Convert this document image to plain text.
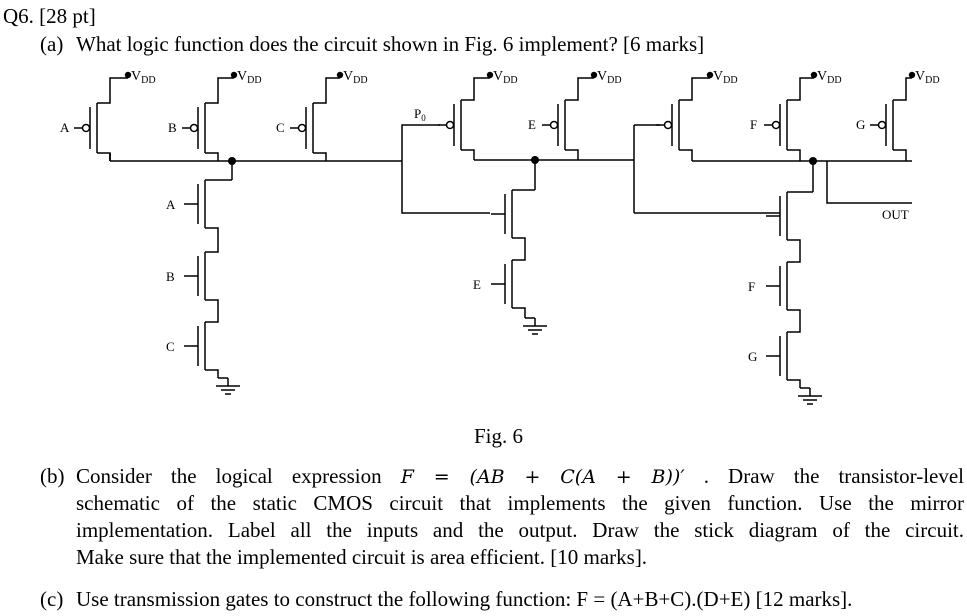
Q6. [28 pt]
(a) What logic function does the circuit shown in Fig. 6 implement? [6 marks]
A	B	C
$V_{DD}$	$V_{DD}$	$V_{DD}$
A
B
C
$P_0$
$V_{DD}$
E
$V_{DD}$
E
$V_{DD}$
F
$V_{DD}$
G
$V_{DD}$
OUT
F
G
Fig. 6
(b) Consider the logical expression F = (AB + C(A + B))′ . Draw the transistor-level
schematic of the static CMOS circuit that implements the given function. Use the mirror
implementation. Label all the inputs and the output. Draw the stick diagram of the circuit.
Make sure that the implemented circuit is area efficient. [10 marks].
(c) Use transmission gates to construct the following function: F = (A+B+C).(D+E) [12 marks].
